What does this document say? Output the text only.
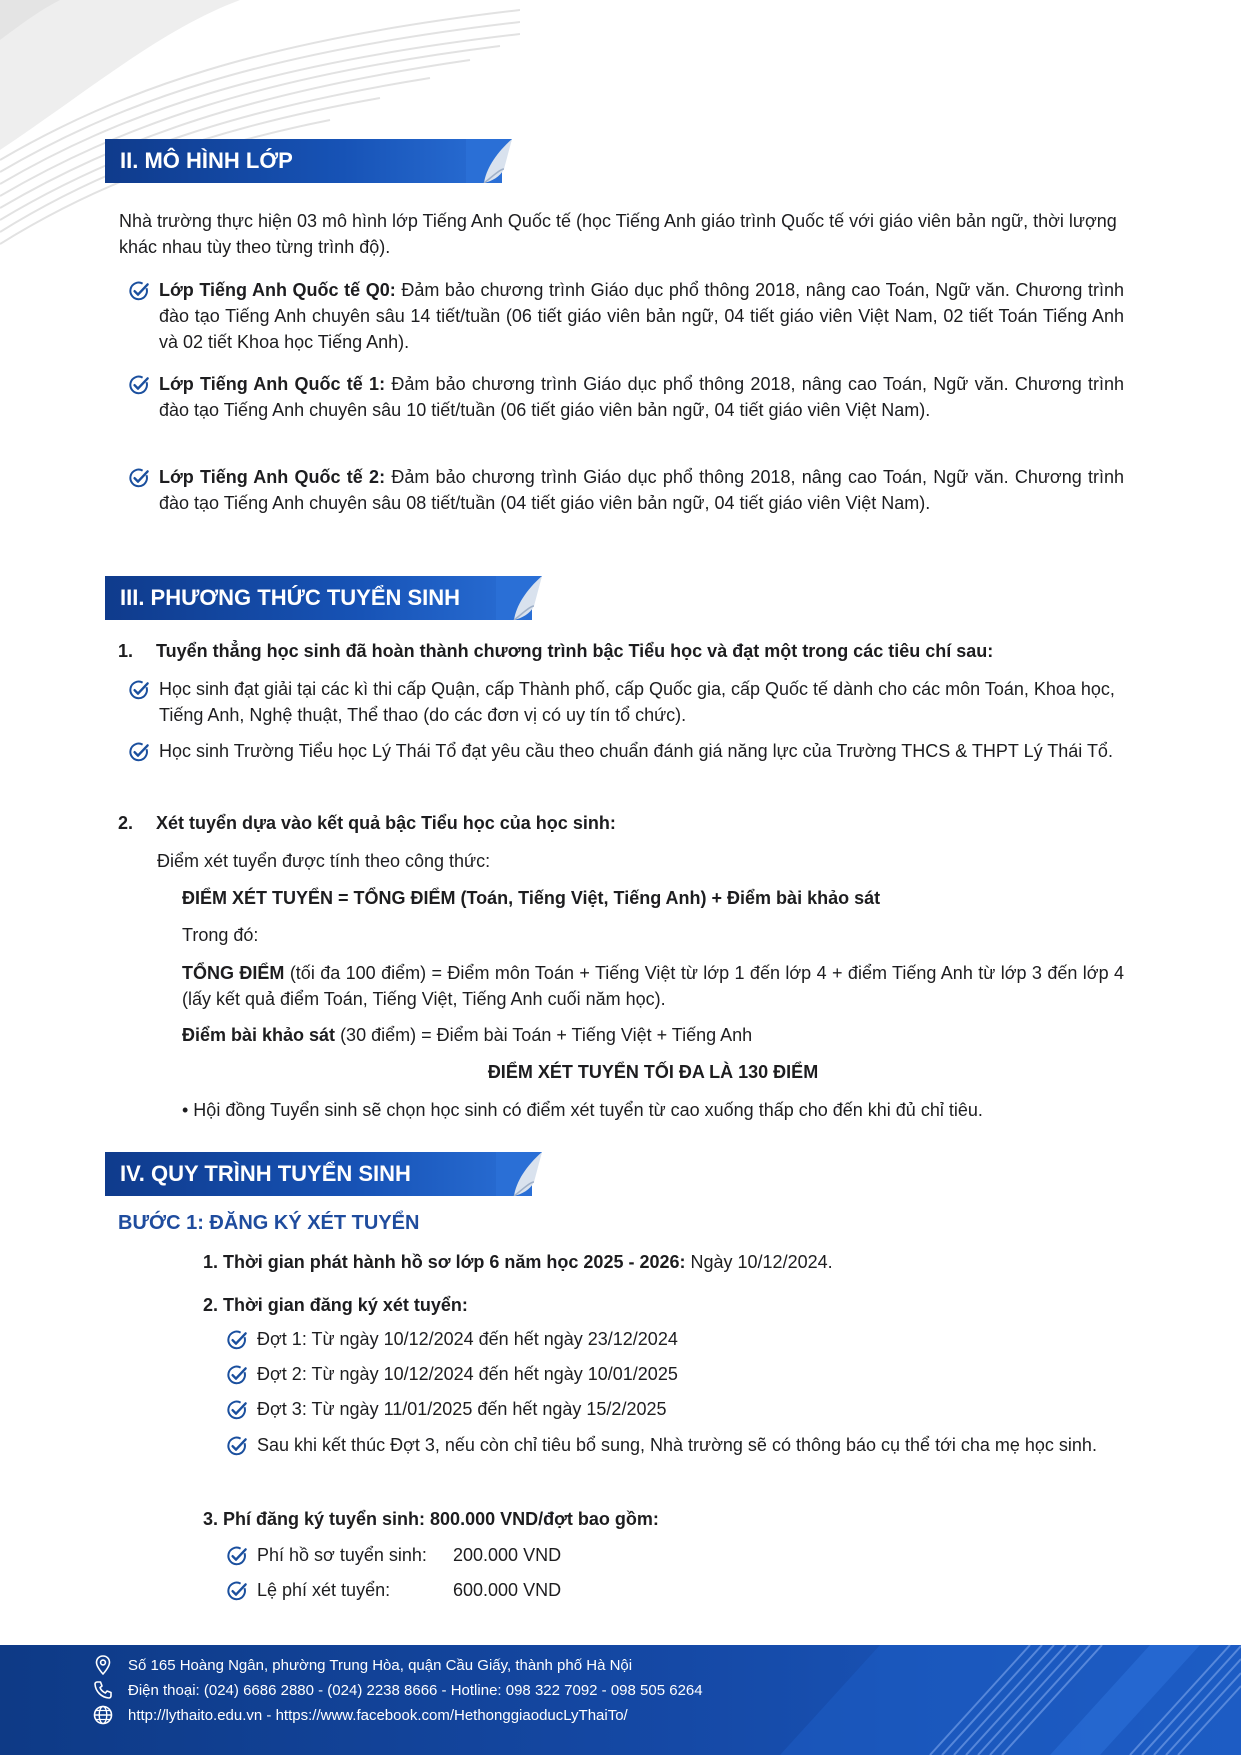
II. MÔ HÌNH LỚP
Nhà trường thực hiện 03 mô hình lớp Tiếng Anh Quốc tế (học Tiếng Anh giáo trình Quốc tế với giáo viên bản ngữ, thời lượng khác nhau tùy theo từng trình độ).
Lớp Tiếng Anh Quốc tế Q0: Đảm bảo chương trình Giáo dục phổ thông 2018, nâng cao Toán, Ngữ văn. Chương trình đào tạo Tiếng Anh chuyên sâu 14 tiết/tuần (06 tiết giáo viên bản ngữ, 04 tiết giáo viên Việt Nam, 02 tiết Toán Tiếng Anh và 02 tiết Khoa học Tiếng Anh).
Lớp Tiếng Anh Quốc tế 1: Đảm bảo chương trình Giáo dục phổ thông 2018, nâng cao Toán, Ngữ văn. Chương trình đào tạo Tiếng Anh chuyên sâu 10 tiết/tuần (06 tiết giáo viên bản ngữ, 04 tiết giáo viên Việt Nam).
Lớp Tiếng Anh Quốc tế 2: Đảm bảo chương trình Giáo dục phổ thông 2018, nâng cao Toán, Ngữ văn. Chương trình đào tạo Tiếng Anh chuyên sâu 08 tiết/tuần (04 tiết giáo viên bản ngữ, 04 tiết giáo viên Việt Nam).
III. PHƯƠNG THỨC TUYỂN SINH
1. Tuyển thẳng học sinh đã hoàn thành chương trình bậc Tiểu học và đạt một trong các tiêu chí sau:
Học sinh đạt giải tại các kì thi cấp Quận, cấp Thành phố, cấp Quốc gia, cấp Quốc tế dành cho các môn Toán, Khoa học, Tiếng Anh, Nghệ thuật, Thể thao (do các đơn vị có uy tín tổ chức).
Học sinh Trường Tiểu học Lý Thái Tổ đạt yêu cầu theo chuẩn đánh giá năng lực của Trường THCS & THPT Lý Thái Tổ.
2. Xét tuyển dựa vào kết quả bậc Tiểu học của học sinh:
Điểm xét tuyển được tính theo công thức:
ĐIỂM XÉT TUYỂN = TỔNG ĐIỂM (Toán, Tiếng Việt, Tiếng Anh) + Điểm bài khảo sát
Trong đó:
TỔNG ĐIỂM (tối đa 100 điểm) = Điểm môn Toán + Tiếng Việt từ lớp 1 đến lớp 4 + điểm Tiếng Anh từ lớp 3 đến lớp 4 (lấy kết quả điểm Toán, Tiếng Việt, Tiếng Anh cuối năm học).
Điểm bài khảo sát (30 điểm) = Điểm bài Toán + Tiếng Việt + Tiếng Anh
ĐIỂM XÉT TUYỂN TỐI ĐA LÀ 130 ĐIỂM
• Hội đồng Tuyển sinh sẽ chọn học sinh có điểm xét tuyển từ cao xuống thấp cho đến khi đủ chỉ tiêu.
IV. QUY TRÌNH TUYỂN SINH
BƯỚC 1: ĐĂNG KÝ XÉT TUYỂN
1. Thời gian phát hành hồ sơ lớp 6 năm học 2025 - 2026: Ngày 10/12/2024.
2. Thời gian đăng ký xét tuyển:
Đợt 1: Từ ngày 10/12/2024 đến hết ngày 23/12/2024
Đợt 2: Từ ngày 10/12/2024 đến hết ngày 10/01/2025
Đợt 3: Từ ngày 11/01/2025 đến hết ngày 15/2/2025
Sau khi kết thúc Đợt 3, nếu còn chỉ tiêu bổ sung, Nhà trường sẽ có thông báo cụ thể tới cha mẹ học sinh.
3. Phí đăng ký tuyển sinh: 800.000 VND/đợt bao gồm:
Phí hồ sơ tuyển sinh:	200.000 VND
Lệ phí xét tuyển:	600.000 VND
Số 165 Hoàng Ngân, phường Trung Hòa, quận Cầu Giấy, thành phố Hà Nội
Điện thoại: (024) 6686 2880 - (024) 2238 8666 - Hotline: 098 322 7092 - 098 505 6264
http://lythaito.edu.vn - https://www.facebook.com/HethonggiaoducLyThaiTo/
